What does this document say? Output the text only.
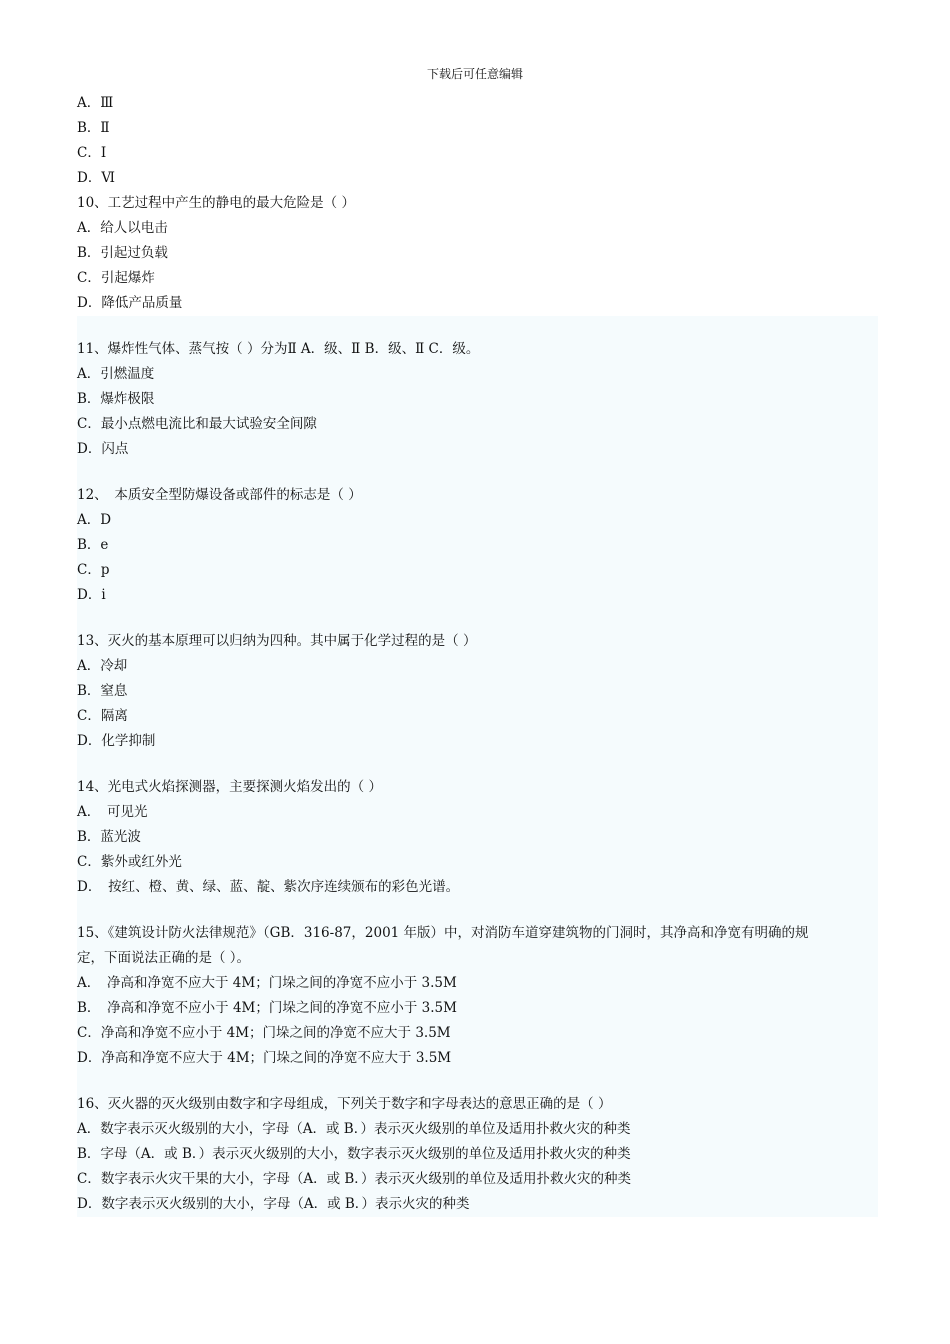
下载后可任意编辑
A．Ⅲ
B．Ⅱ
C．Ⅰ
D．Ⅵ
10、工艺过程中产生的静电的最大危险是（ ）
A．给人以电击
B．引起过负载
C．引起爆炸
D．降低产品质量
11、爆炸性气体、蒸气按（ ）分为Ⅱ A．级、Ⅱ B．级、Ⅱ C．级。
A．引燃温度
B．爆炸极限
C．最小点燃电流比和最大试验安全间隙
D．闪点
12、　本质安全型防爆设备或部件的标志是（ ）
A．D
B．e
C．p
D．i
13、灭火的基本原理可以归纳为四种。其中属于化学过程的是（ ）
A．冷却
B．窒息
C．隔离
D．化学抑制
14、光电式火焰探测器，主要探测火焰发出的（ ）
A．　可见光
B．蓝光波
C．紫外或红外光
D．　按红、橙、黄、绿、蓝、靛、紫次序连续颁布的彩色光谱。
15、《建筑设计防火法律规范》（GB．316-87，2001 年版）中，对消防车道穿建筑物的门洞时，其净高和净宽有明确的规
定，下面说法正确的是（ ）。
A．　净高和净宽不应大于 4M；门垛之间的净宽不应小于 3.5M
B．　净高和净宽不应小于 4M；门垛之间的净宽不应小于 3.5M
C．净高和净宽不应小于 4M；门垛之间的净宽不应大于 3.5M
D．净高和净宽不应大于 4M；门垛之间的净宽不应大于 3.5M
16、灭火器的灭火级别由数字和字母组成，下列关于数字和字母表达的意思正确的是（ ）
A．数字表示灭火级别的大小，字母（A．或 B．）表示灭火级别的单位及适用扑救火灾的种类
B．字母（A．或 B．）表示灭火级别的大小，数字表示灭火级别的单位及适用扑救火灾的种类
C．数字表示火灾干果的大小，字母（A．或 B．）表示灭火级别的单位及适用扑救火灾的种类
D．数字表示灭火级别的大小，字母（A．或 B．）表示火灾的种类
